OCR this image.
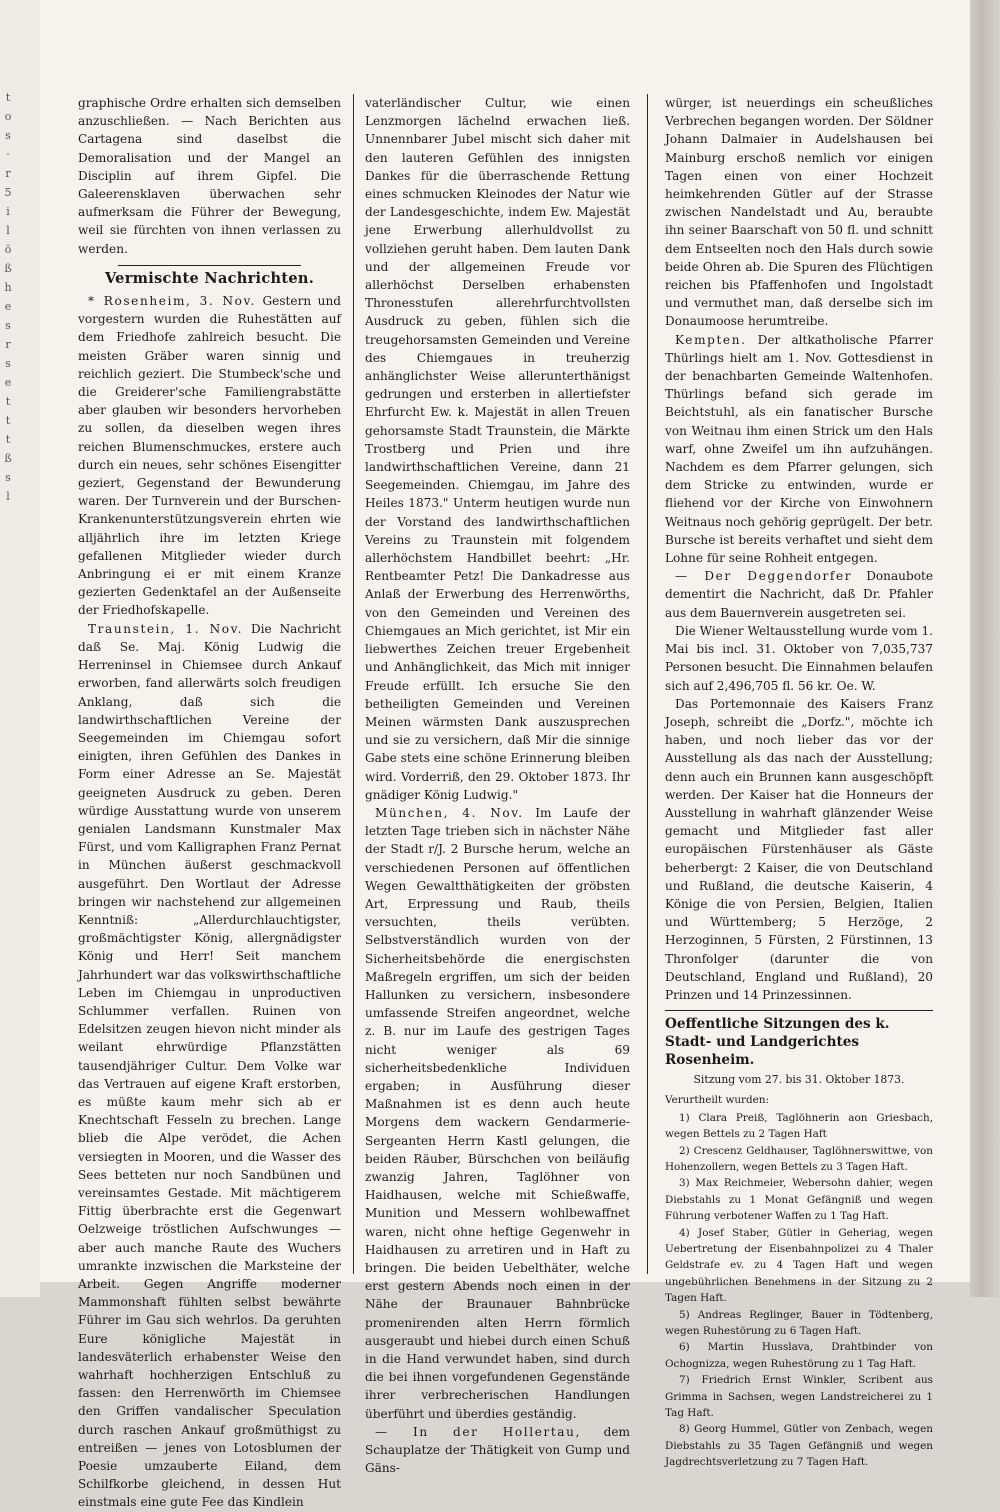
t
o
s
·
r
5
i
l
ö
ß
h
e
s
r
s
e
t
t
t
ß
s
l

graphische Ordre erhalten sich demselben anzuschließen. — Nach Berichten aus Cartagena sind daselbst die Demoralisation und der Mangel an Disciplin auf ihrem Gipfel. Die Galeerensklaven überwachen sehr aufmerksam die Führer der Bewegung, weil sie fürchten von ihnen verlassen zu werden.

Vermischte Nachrichten.

* Rosenheim, 3. Nov. Gestern und vorgestern wurden die Ruhestätten auf dem Friedhofe zahlreich besucht. Die meisten Gräber waren sinnig und reichlich geziert. Die Stumbeck'sche und die Greiderer'sche Familiengrabstätte aber glauben wir besonders hervorheben zu sollen, da dieselben wegen ihres reichen Blumenschmuckes, erstere auch durch ein neues, sehr schönes Eisengitter geziert, Gegenstand der Bewunderung waren. Der Turnverein und der Burschen-Krankenunterstützungsverein ehrten wie alljährlich ihre im letzten Kriege gefallenen Mitglieder wieder durch Anbringung ei er mit einem Kranze gezierten Gedenktafel an der Außenseite der Friedhofskapelle.

Traunstein, 1. Nov. Die Nachricht daß Se. Maj. König Ludwig die Herreninsel in Chiemsee durch Ankauf erworben, fand allerwärts solch freudigen Anklang, daß sich die landwirthschaftlichen Vereine der Seegemeinden im Chiemgau sofort einigten, ihren Gefühlen des Dankes in Form einer Adresse an Se. Majestät geeigneten Ausdruck zu geben. Deren würdige Ausstattung wurde von unserem genialen Landsmann Kunstmaler Max Fürst, und vom Kalligraphen Franz Pernat in München äußerst geschmackvoll ausgeführt. Den Wortlaut der Adresse bringen wir nachstehend zur allgemeinen Kenntniß: „Allerdurchlauchtigster, großmächtigster König, allergnädigster König und Herr! Seit manchem Jahrhundert war das volkswirthschaftliche Leben im Chiemgau in unproductiven Schlummer verfallen. Ruinen von Edelsitzen zeugen hievon nicht minder als weilant ehrwürdige Pflanzstätten tausendjähriger Cultur. Dem Volke war das Vertrauen auf eigene Kraft erstorben, es müßte kaum mehr sich ab er Knechtschaft Fesseln zu brechen. Lange blieb die Alpe verödet, die Achen versiegten in Mooren, und die Wasser des Sees betteten nur noch Sandbünen und vereinsamtes Gestade. Mit mächtigerem Fittig überbrachte erst die Gegenwart Oelzweige tröstlichen Aufschwunges — aber auch manche Raute des Wuchers umrankte inzwischen die Marksteine der Arbeit. Gegen Angriffe moderner Mammonshaft fühlten selbst bewährte Führer im Gau sich wehrlos. Da geruhten Eure königliche Majestät in landesväterlich erhabenster Weise den wahrhaft hochherzigen Entschluß zu fassen: den Herrenwörth im Chiemsee den Griffen vandalischer Speculation durch raschen Ankauf großmüthigst zu entreißen — jenes von Lotosblumen der Poesie umzauberte Eiland, dem Schilfkorbe gleichend, in dessen Hut einstmals eine gute Fee das Kindlein

vaterländischer Cultur, wie einen Lenzmorgen lächelnd erwachen ließ. Unnennbarer Jubel mischt sich daher mit den lauteren Gefühlen des innigsten Dankes für die überraschende Rettung eines schmucken Kleinodes der Natur wie der Landesgeschichte, indem Ew. Majestät jene Erwerbung allerhuldvollst zu vollziehen geruht haben. Dem lauten Dank und der allgemeinen Freude vor allerhöchst Derselben erhabensten Thronesstufen allerehrfurchtvollsten Ausdruck zu geben, fühlen sich die treugehorsamsten Gemeinden und Vereine des Chiemgaues in treuherzig anhänglichster Weise allerunterthänigst gedrungen und ersterben in allertiefster Ehrfurcht Ew. k. Majestät in allen Treuen gehorsamste Stadt Traunstein, die Märkte Trostberg und Prien und ihre landwirthschaftlichen Vereine, dann 21 Seegemeinden. Chiemgau, im Jahre des Heiles 1873." Unterm heutigen wurde nun der Vorstand des landwirthschaftlichen Vereins zu Traunstein mit folgendem allerhöchstem Handbillet beehrt: „Hr. Rentbeamter Petz! Die Dankadresse aus Anlaß der Erwerbung des Herrenwörths, von den Gemeinden und Vereinen des Chiemgaues an Mich gerichtet, ist Mir ein liebwerthes Zeichen treuer Ergebenheit und Anhänglichkeit, das Mich mit inniger Freude erfüllt. Ich ersuche Sie den betheiligten Gemeinden und Vereinen Meinen wärmsten Dank auszusprechen und sie zu versichern, daß Mir die sinnige Gabe stets eine schöne Erinnerung bleiben wird. Vorderriß, den 29. Oktober 1873. Ihr gnädiger König Ludwig."

München, 4. Nov. Im Laufe der letzten Tage trieben sich in nächster Nähe der Stadt r/J. 2 Bursche herum, welche an verschiedenen Personen auf öffentlichen Wegen Gewaltthätigkeiten der gröbsten Art, Erpressung und Raub, theils versuchten, theils verübten. Selbstverständlich wurden von der Sicherheitsbehörde die energischsten Maßregeln ergriffen, um sich der beiden Hallunken zu versichern, insbesondere umfassende Streifen angeordnet, welche z. B. nur im Laufe des gestrigen Tages nicht weniger als 69 sicherheitsbedenkliche Individuen ergaben; in Ausführung dieser Maßnahmen ist es denn auch heute Morgens dem wackern Gendarmerie-Sergeanten Herrn Kastl gelungen, die beiden Räuber, Bürschchen von beiläufig zwanzig Jahren, Taglöhner von Haidhausen, welche mit Schießwaffe, Munition und Messern wohlbewaffnet waren, nicht ohne heftige Gegenwehr in Haidhausen zu arretiren und in Haft zu bringen. Die beiden Uebelthäter, welche erst gestern Abends noch einen in der Nähe der Braunauer Bahnbrücke promenirenden alten Herrn förmlich ausgeraubt und hiebei durch einen Schuß in die Hand verwundet haben, sind durch die bei ihnen vorgefundenen Gegenstände ihrer verbrecherischen Handlungen überführt und überdies geständig.

— In der Hollertau, dem Schauplatze der Thätigkeit von Gump und Gäns-

würger, ist neuerdings ein scheußliches Verbrechen begangen worden. Der Söldner Johann Dalmaier in Audelshausen bei Mainburg erschoß nemlich vor einigen Tagen einen von einer Hochzeit heimkehrenden Gütler auf der Strasse zwischen Nandelstadt und Au, beraubte ihn seiner Baarschaft von 50 fl. und schnitt dem Entseelten noch den Hals durch sowie beide Ohren ab. Die Spuren des Flüchtigen reichen bis Pfaffenhofen und Ingolstadt und vermuthet man, daß derselbe sich im Donaumoose herumtreibe.

Kempten. Der altkatholische Pfarrer Thürlings hielt am 1. Nov. Gottesdienst in der benachbarten Gemeinde Waltenhofen. Thürlings befand sich gerade im Beichtstuhl, als ein fanatischer Bursche von Weitnau ihm einen Strick um den Hals warf, ohne Zweifel um ihn aufzuhängen. Nachdem es dem Pfarrer gelungen, sich dem Stricke zu entwinden, wurde er fliehend vor der Kirche von Einwohnern Weitnaus noch gehörig geprügelt. Der betr. Bursche ist bereits verhaftet und sieht dem Lohne für seine Rohheit entgegen.

— Der Deggendorfer Donaubote dementirt die Nachricht, daß Dr. Pfahler aus dem Bauernverein ausgetreten sei.

Die Wiener Weltausstellung wurde vom 1. Mai bis incl. 31. Oktober von 7,035,737 Personen besucht. Die Einnahmen belaufen sich auf 2,496,705 fl. 56 kr. Oe. W.

Das Portemonnaie des Kaisers Franz Joseph, schreibt die „Dorfz.", möchte ich haben, und noch lieber das vor der Ausstellung als das nach der Ausstellung; denn auch ein Brunnen kann ausgeschöpft werden. Der Kaiser hat die Honneurs der Ausstellung in wahrhaft glänzender Weise gemacht und Mitglieder fast aller europäischen Fürstenhäuser als Gäste beherbergt: 2 Kaiser, die von Deutschland und Rußland, die deutsche Kaiserin, 4 Könige die von Persien, Belgien, Italien und Württemberg; 5 Herzöge, 2 Herzoginnen, 5 Fürsten, 2 Fürstinnen, 13 Thronfolger (darunter die von Deutschland, England und Rußland), 20 Prinzen und 14 Prinzessinnen.

Oeffentliche Sitzungen des k. Stadt- und Landgerichtes Rosenheim.
Sitzung vom 27. bis 31. Oktober 1873.

Verurtheilt wurden:

1) Clara Preiß, Taglöhnerin aon Griesbach, wegen Bettels zu 2 Tagen Haft

2) Crescenz Geldhauser, Taglöhnerswittwe, von Hohenzollern, wegen Bettels zu 3 Tagen Haft.

3) Max Reichmeier, Webersohn dahier, wegen Diebstahls zu 1 Monat Gefängniß und wegen Führung verbotener Waffen zu 1 Tag Haft.

4) Josef Staber, Gütler in Geheriag, wegen Uebertretung der Eisenbahnpolizei zu 4 Thaler Geldstrafe ev. zu 4 Tagen Haft und wegen ungebührlichen Benehmens in der Sitzung zu 2 Tagen Haft.

5) Andreas Reglinger, Bauer in Tödtenberg, wegen Ruhestörung zu 6 Tagen Haft.

6) Martin Husslava, Drahtbinder von Ochognizza, wegen Ruhestörung zu 1 Tag Haft.

7) Friedrich Ernst Winkler, Scribent aus Grimma in Sachsen, wegen Landstreicherei zu 1 Tag Haft.

8) Georg Hummel, Gütler von Zenbach, wegen Diebstahls zu 35 Tagen Gefängniß und wegen Jagdrechtsverletzung zu 7 Tagen Haft.
